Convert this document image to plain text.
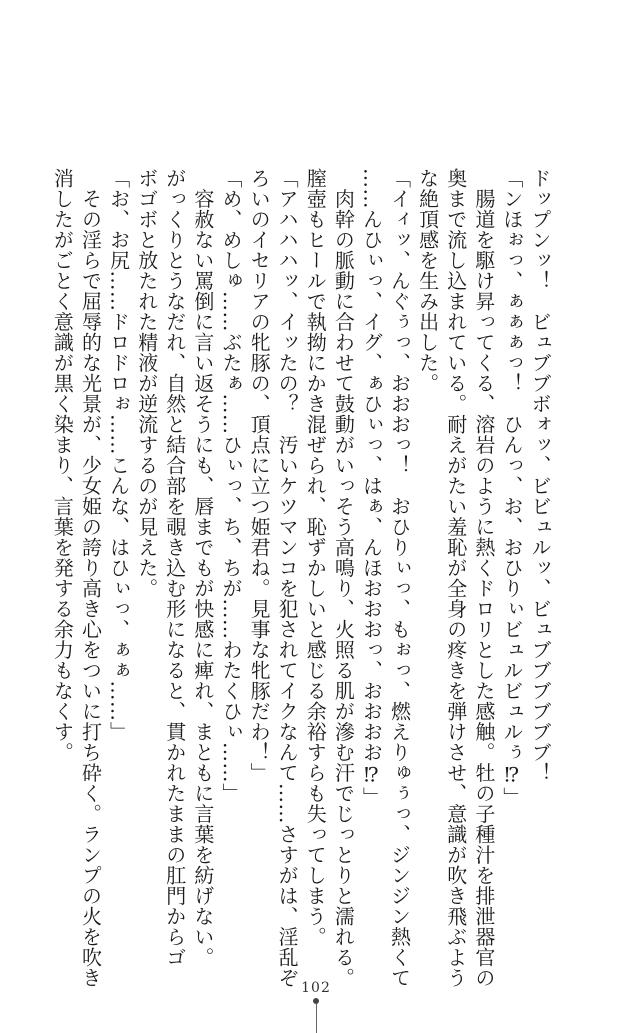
ドップンッ！　ビュブブボォッ、ビビュルッ、ビュブブブブブブ！
「ンほぉっ、ぁぁぁっ！　ひんっ、お、おひりぃビュルビュルぅ⁉」
　腸道を駆け昇ってくる、溶岩のように熱くドロリとした感触。牡の子種汁を排泄器官の
奥まで流し込まれている。耐えがたい羞恥が全身の疼きを弾けさせ、意識が吹き飛ぶよう
な絶頂感を生み出した。
「イィッ、んぐぅっ、おおおっ！　おひりぃっ、もぉっ、燃えりゅぅっ、ジンジン熱くて
……んひぃっ、イグ、ぁひぃっ、はぁ、んほおおおっ、おおおお⁉」
　肉幹の脈動に合わせて鼓動がいっそう高鳴り、火照る肌が滲む汗でじっとりと濡れる。
膣壺もヒールで執拗にかき混ぜられ、恥ずかしいと感じる余裕すらも失ってしまう。
「アハハハッ、イッたの？　汚いケツマンコを犯されてイクなんて……さすがは、淫乱ぞ
ろいのイセリアの牝豚の、頂点に立つ姫君ね。見事な牝豚だわ！」
「め、めしゅ……ぶたぁ……ひぃっ、ち、ちが……わたくひぃ……」
　容赦ない罵倒に言い返そうにも、唇までもが快感に痺れ、まともに言葉を紡げない。
がっくりとうなだれ、自然と結合部を覗き込む形になると、貫かれたままの肛門からゴ
ボゴボと放たれた精液が逆流するのが見えた。
「お、お尻……ドロドロぉ……こんな、はひぃっ、ぁぁ……」
　その淫らで屈辱的な光景が、少女姫の誇り高き心をついに打ち砕く。ランプの火を吹き
消したがごとく意識が黒く染まり、言葉を発する余力もなくす。
102
